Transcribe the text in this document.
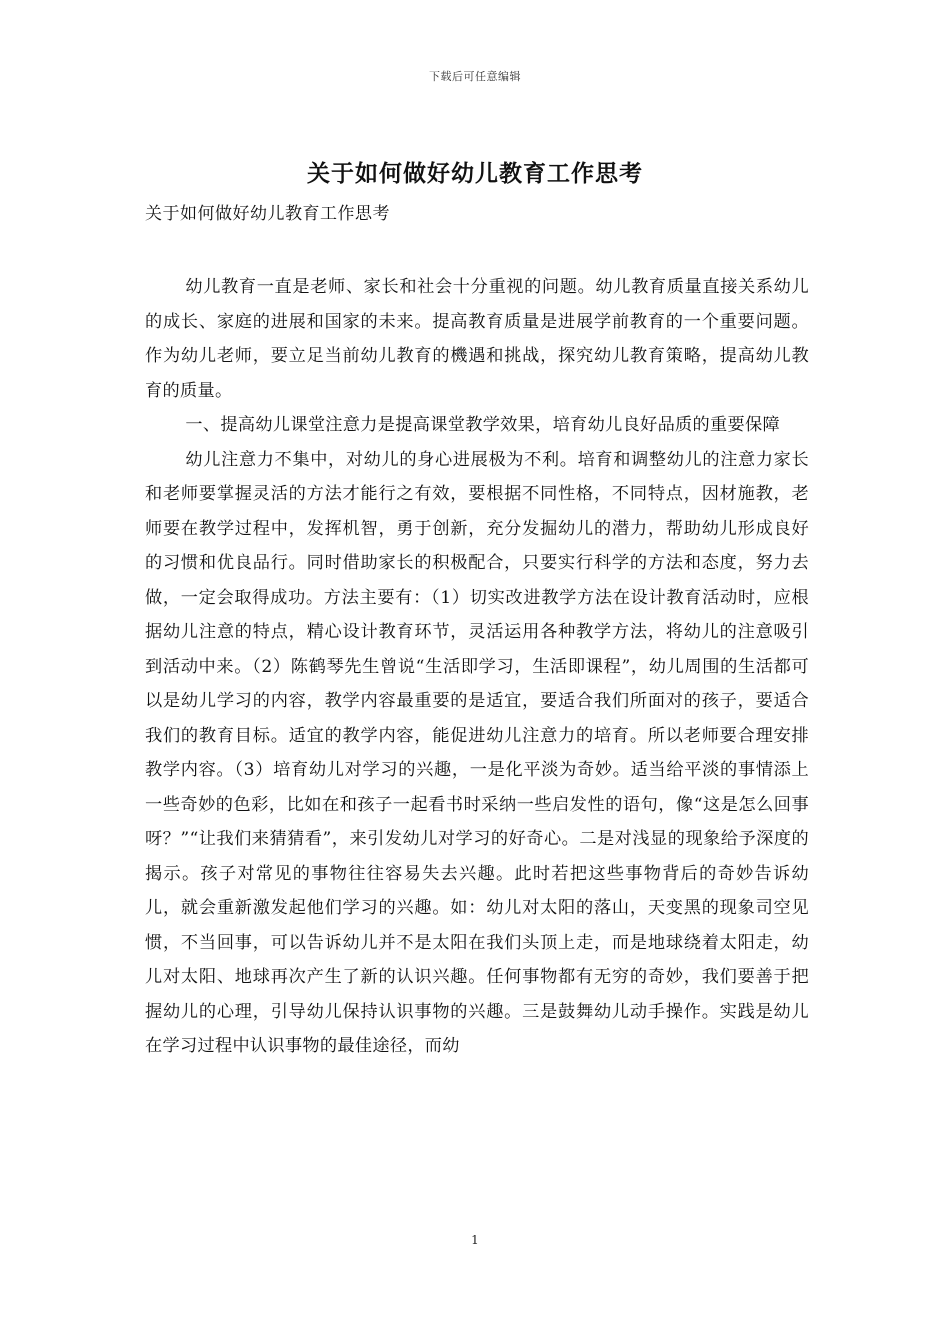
下载后可任意编辑
关于如何做好幼儿教育工作思考
关于如何做好幼儿教育工作思考

幼儿教育一直是老师、家长和社会十分重视的问题。幼儿教育质量直接关系幼儿的成长、家庭的进展和国家的未来。提高教育质量是进展学前教育的一个重要问题。作为幼儿老师，要立足当前幼儿教育的機遇和挑战，探究幼儿教育策略，提高幼儿教育的质量。

一、提高幼儿课堂注意力是提高课堂教学效果，培育幼儿良好品质的重要保障

幼儿注意力不集中，对幼儿的身心进展极为不利。培育和调整幼儿的注意力家长和老师要掌握灵活的方法才能行之有效，要根据不同性格，不同特点，因材施教，老师要在教学过程中，发挥机智，勇于创新，充分发掘幼儿的潜力，帮助幼儿形成良好的习惯和优良品行。同时借助家长的积极配合，只要实行科学的方法和态度，努力去做，一定会取得成功。方法主要有：（1）切实改进教学方法在设计教育活动时，应根据幼儿注意的特点，精心设计教育环节，灵活运用各种教学方法，将幼儿的注意吸引到活动中来。（2）陈鹤琴先生曾说“生活即学习，生活即课程”，幼儿周围的生活都可以是幼儿学习的内容，教学内容最重要的是适宜，要适合我们所面对的孩子，要适合我们的教育目标。适宜的教学内容，能促进幼儿注意力的培育。所以老师要合理安排教学内容。（3）培育幼儿对学习的兴趣，一是化平淡为奇妙。适当给平淡的事情添上一些奇妙的色彩，比如在和孩子一起看书时采纳一些启发性的语句，像“这是怎么回事呀？”“让我们来猜猜看”，来引发幼儿对学习的好奇心。二是对浅显的现象给予深度的揭示。孩子对常见的事物往往容易失去兴趣。此时若把这些事物背后的奇妙告诉幼儿，就会重新激发起他们学习的兴趣。如：幼儿对太阳的落山，天变黑的现象司空见惯，不当回事，可以告诉幼儿并不是太阳在我们头顶上走，而是地球绕着太阳走，幼儿对太阳、地球再次产生了新的认识兴趣。任何事物都有无穷的奇妙，我们要善于把握幼儿的心理，引导幼儿保持认识事物的兴趣。三是鼓舞幼儿动手操作。实践是幼儿在学习过程中认识事物的最佳途径，而幼

1
